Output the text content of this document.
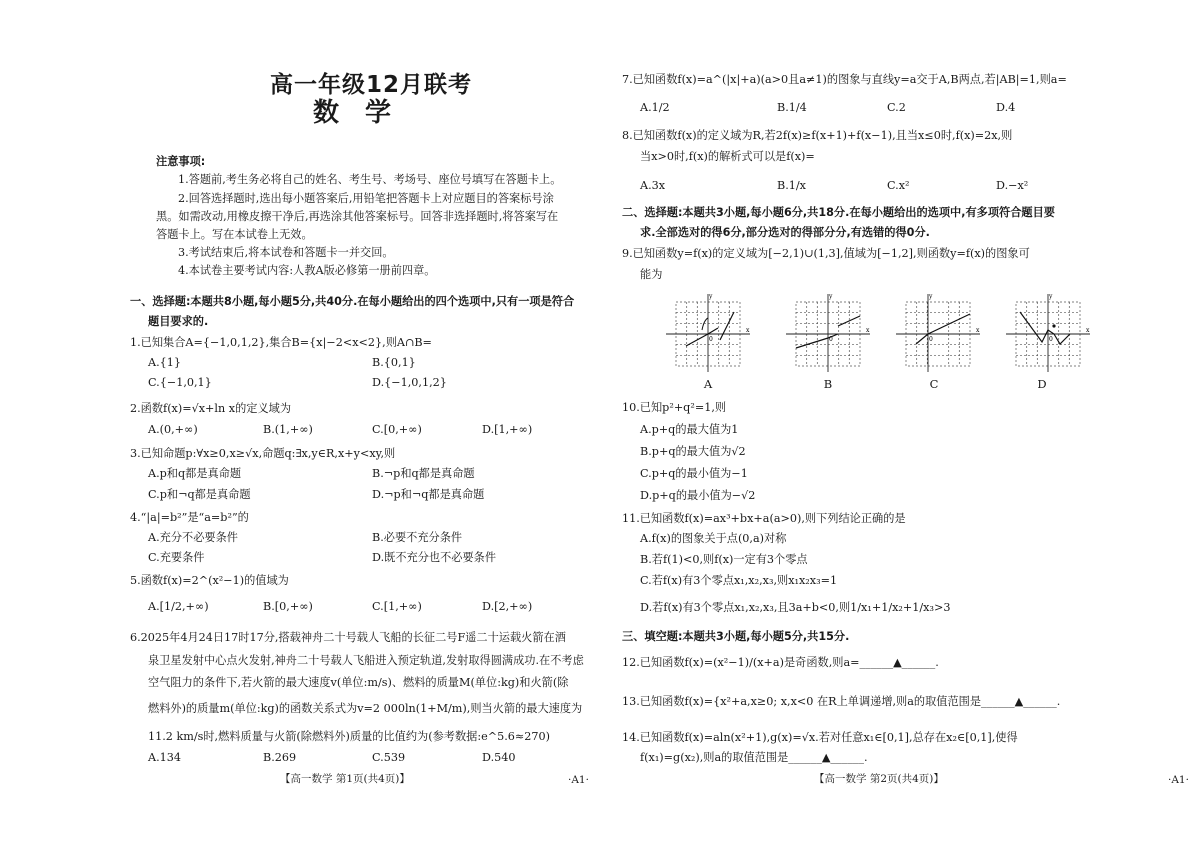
高一年级12月联考
数学
注意事项:
1.答题前,考生务必将自己的姓名、考生号、考场号、座位号填写在答题卡上。
2.回答选择题时,选出每小题答案后,用铅笔把答题卡上对应题目的答案标号涂
黑。如需改动,用橡皮擦干净后,再选涂其他答案标号。回答非选择题时,将答案写在
答题卡上。写在本试卷上无效。
3.考试结束后,将本试卷和答题卡一并交回。
4.本试卷主要考试内容:人教A版必修第一册前四章。
一、选择题:本题共8小题,每小题5分,共40分.在每小题给出的四个选项中,只有一项是符合
题目要求的.
1.已知集合A={−1,0,1,2},集合B={x|−2<x<2},则A∩B=
A.{1}	B.{0,1}
C.{−1,0,1}	D.{−1,0,1,2}
2.函数f(x)=√x+ln x的定义域为
A.(0,+∞)	B.(1,+∞)	C.[0,+∞)	D.[1,+∞)
3.已知命题p:∀x≥0,x≥√x,命题q:∃x,y∈R,x+y<xy,则
A.p和q都是真命题	B.¬p和q都是真命题
C.p和¬q都是真命题	D.¬p和¬q都是真命题
4.“|a|=b²”是“a=b²”的
A.充分不必要条件	B.必要不充分条件
C.充要条件	D.既不充分也不必要条件
5.函数f(x)=2^(x²−1)的值域为
A.[1/2,+∞)	B.[0,+∞)	C.[1,+∞)	D.[2,+∞)
6.2025年4月24日17时17分,搭载神舟二十号载人飞船的长征二号F遥二十运载火箭在酒
泉卫星发射中心点火发射,神舟二十号载人飞船进入预定轨道,发射取得圆满成功.在不考虑
空气阻力的条件下,若火箭的最大速度v(单位:m/s)、燃料的质量M(单位:kg)和火箭(除
燃料外)的质量m(单位:kg)的函数关系式为v=2 000ln(1+M/m),则当火箭的最大速度为
11.2 km/s时,燃料质量与火箭(除燃料外)质量的比值约为(参考数据:e^5.6≈270)
A.134	B.269	C.539	D.540
【高一数学 第1页(共4页)】	·A1·
7.已知函数f(x)=a^(|x|+a)(a>0且a≠1)的图象与直线y=a交于A,B两点,若|AB|=1,则a=
A.1/2	B.1/4	C.2	D.4
8.已知函数f(x)的定义域为R,若2f(x)≥f(x+1)+f(x−1),且当x≤0时,f(x)=2x,则
当x>0时,f(x)的解析式可以是f(x)=
A.3x	B.1/x	C.x²	D.−x²
二、选择题:本题共3小题,每小题6分,共18分.在每小题给出的选项中,有多项符合题目要
求.全部选对的得6分,部分选对的得部分分,有选错的得0分.
9.已知函数y=f(x)的定义域为[−2,1)∪(1,3],值域为[−1,2],则函数y=f(x)的图象可
能为
y
x
0
A
y
x
0
B
y
x
0
C
y
x
0
D
10.已知p²+q²=1,则
A.p+q的最大值为1
B.p+q的最大值为√2
C.p+q的最小值为−1
D.p+q的最小值为−√2
11.已知函数f(x)=ax³+bx+a(a>0),则下列结论正确的是
A.f(x)的图象关于点(0,a)对称
B.若f(1)<0,则f(x)一定有3个零点
C.若f(x)有3个零点x₁,x₂,x₃,则x₁x₂x₃=1
D.若f(x)有3个零点x₁,x₂,x₃,且3a+b<0,则1/x₁+1/x₂+1/x₃>3
三、填空题:本题共3小题,每小题5分,共15分.
12.已知函数f(x)=(x²−1)/(x+a)是奇函数,则a=______▲______.
13.已知函数f(x)={x²+a,x≥0; x,x<0 在R上单调递增,则a的取值范围是______▲______.
14.已知函数f(x)=aln(x²+1),g(x)=√x.若对任意x₁∈[0,1],总存在x₂∈[0,1],使得
f(x₁)=g(x₂),则a的取值范围是______▲______.
【高一数学 第2页(共4页)】	·A1·
